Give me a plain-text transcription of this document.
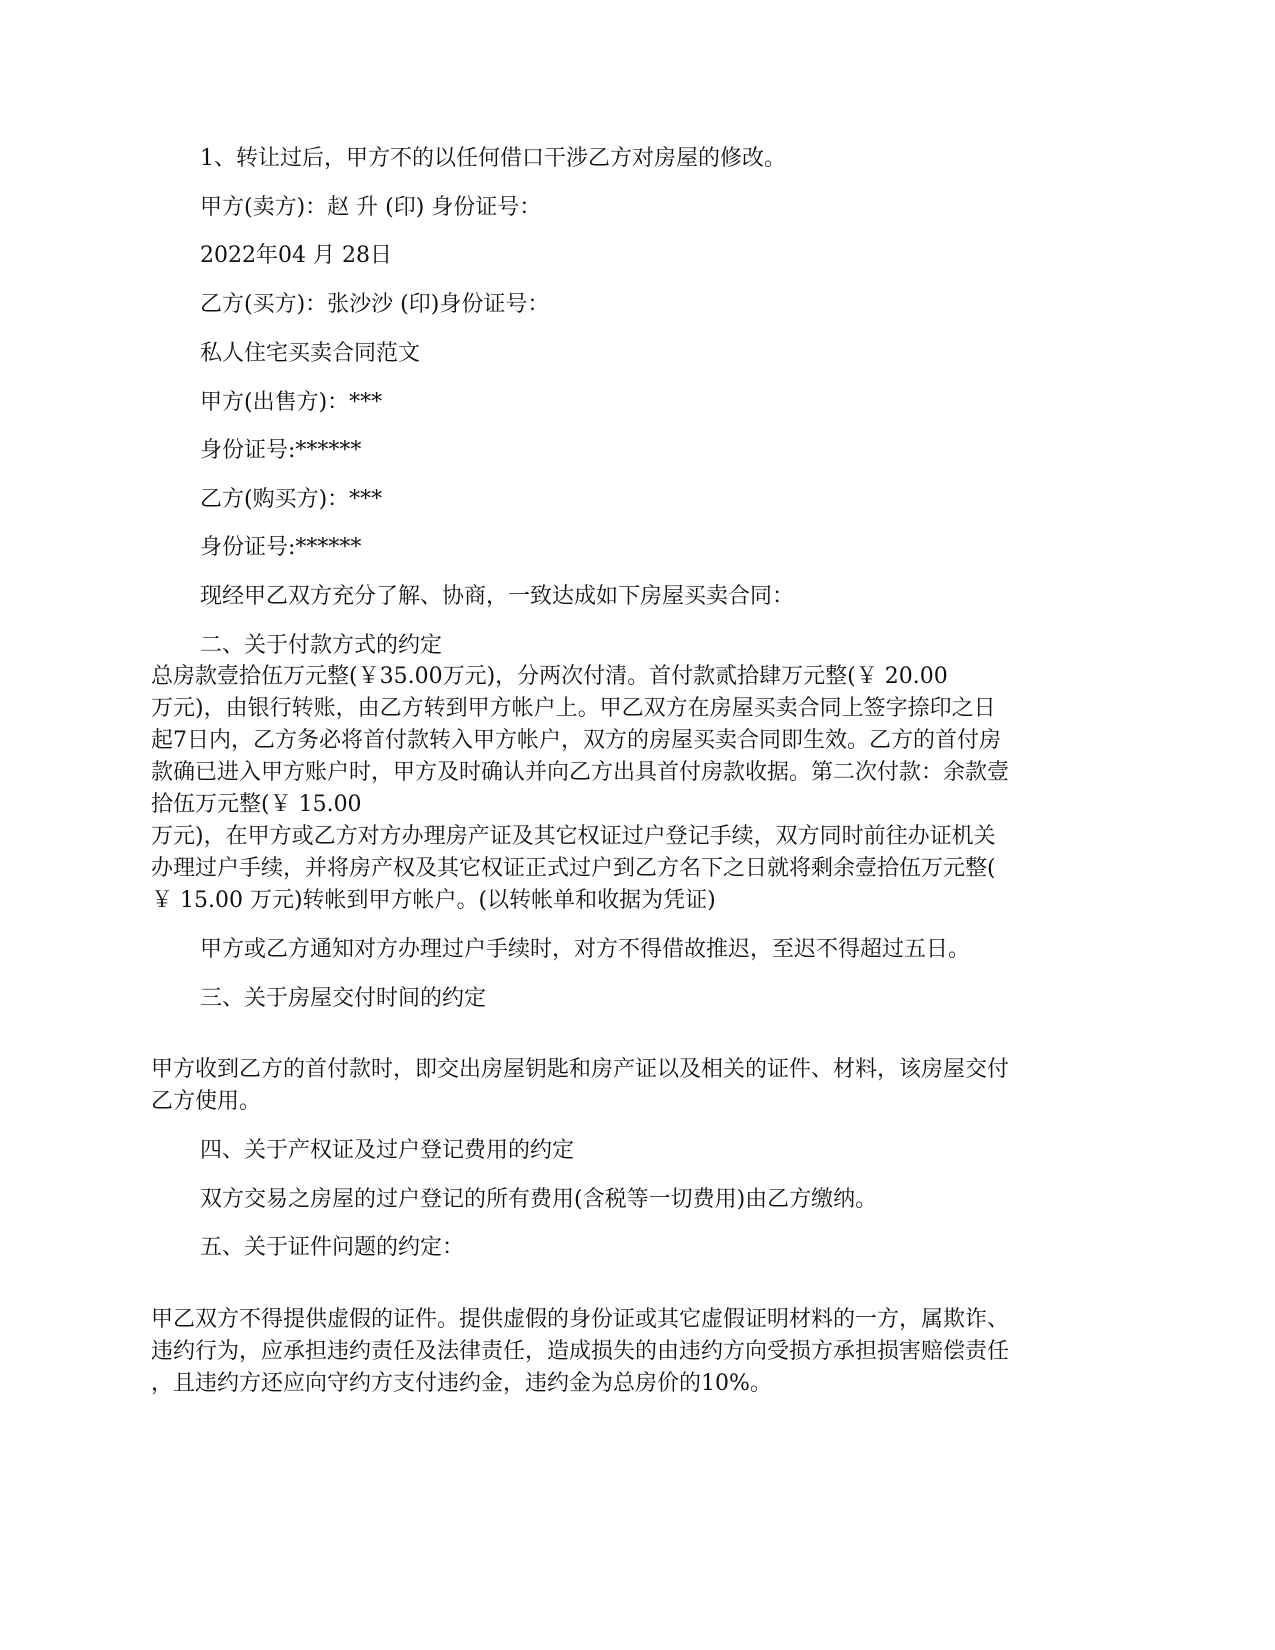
1、转让过后，甲方不的以任何借口干涉乙方对房屋的修改。

甲方(卖方)：赵 升 (印) 身份证号：

2022年04 月 28日

乙方(买方)：张沙沙 (印)身份证号：

私人住宅买卖合同范文

甲方(出售方)：***

身份证号:******

乙方(购买方)：***

身份证号:******

现经甲乙双方充分了解、协商，一致达成如下房屋买卖合同：

二、关于付款方式的约定

总房款壹拾伍万元整(￥35.00万元)，分两次付清。首付款贰拾肆万元整(￥ 20.00

万元)，由银行转账，由乙方转到甲方帐户上。甲乙双方在房屋买卖合同上签字捺印之日

起7日内，乙方务必将首付款转入甲方帐户，双方的房屋买卖合同即生效。乙方的首付房

款确已进入甲方账户时，甲方及时确认并向乙方出具首付房款收据。第二次付款：余款壹

拾伍万元整(￥ 15.00

万元)，在甲方或乙方对方办理房产证及其它权证过户登记手续，双方同时前往办证机关

办理过户手续，并将房产权及其它权证正式过户到乙方名下之日就将剩余壹拾伍万元整(

￥ 15.00 万元)转帐到甲方帐户。(以转帐单和收据为凭证)

甲方或乙方通知对方办理过户手续时，对方不得借故推迟，至迟不得超过五日。

三、关于房屋交付时间的约定

甲方收到乙方的首付款时，即交出房屋钥匙和房产证以及相关的证件、材料，该房屋交付

乙方使用。

四、关于产权证及过户登记费用的约定

双方交易之房屋的过户登记的所有费用(含税等一切费用)由乙方缴纳。

五、关于证件问题的约定：

甲乙双方不得提供虚假的证件。提供虚假的身份证或其它虚假证明材料的一方，属欺诈、

违约行为，应承担违约责任及法律责任，造成损失的由违约方向受损方承担损害赔偿责任

，且违约方还应向守约方支付违约金，违约金为总房价的10%。
